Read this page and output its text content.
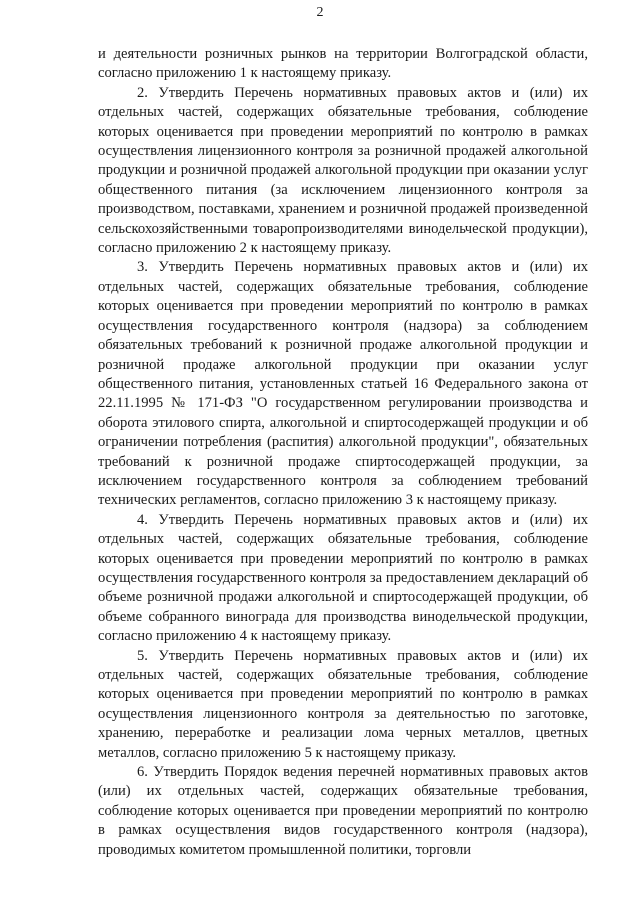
2

и деятельности розничных рынков на территории Волгоградской области, согласно приложению 1 к настоящему приказу.

2. Утвердить Перечень нормативных правовых актов и (или) их отдельных частей, содержащих обязательные требования, соблюдение которых оценивается при проведении мероприятий по контролю в рамках осуществления лицензионного контроля за розничной продажей алкогольной продукции и розничной продажей алкогольной продукции при оказании услуг общественного питания (за исключением лицензионного контроля за производством, поставками, хранением и розничной продажей произведенной сельскохозяйственными товаропроизводителями винодельческой продукции), согласно приложению 2 к настоящему приказу.

3. Утвердить Перечень нормативных правовых актов и (или) их отдельных частей, содержащих обязательные требования, соблюдение которых оценивается при проведении мероприятий по контролю в рамках осуществления государственного контроля (надзора) за соблюдением обязательных требований к розничной продаже алкогольной продукции и розничной продаже алкогольной продукции при оказании услуг общественного питания, установленных статьей 16 Федерального закона от 22.11.1995 № 171-ФЗ "О государственном регулировании производства и оборота этилового спирта, алкогольной и спиртосодержащей продукции и об ограничении потребления (распития) алкогольной продукции", обязательных требований к розничной продаже спиртосодержащей продукции, за исключением государственного контроля за соблюдением требований технических регламентов, согласно приложению 3 к настоящему приказу.

4. Утвердить Перечень нормативных правовых актов и (или) их отдельных частей, содержащих обязательные требования, соблюдение которых оценивается при проведении мероприятий по контролю в рамках осуществления государственного контроля за предоставлением деклараций об объеме розничной продажи алкогольной и спиртосодержащей продукции, об объеме собранного винограда для производства винодельческой продукции, согласно приложению 4 к настоящему приказу.

5. Утвердить Перечень нормативных правовых актов и (или) их отдельных частей, содержащих обязательные требования, соблюдение которых оценивается при проведении мероприятий по контролю в рамках осуществления лицензионного контроля за деятельностью по заготовке, хранению, переработке и реализации лома черных металлов, цветных металлов, согласно приложению 5 к настоящему приказу.

6. Утвердить Порядок ведения перечней нормативных правовых актов (или) их отдельных частей, содержащих обязательные требования, соблюдение которых оценивается при проведении мероприятий по контролю в рамках осуществления видов государственного контроля (надзора), проводимых комитетом промышленной политики, торговли
